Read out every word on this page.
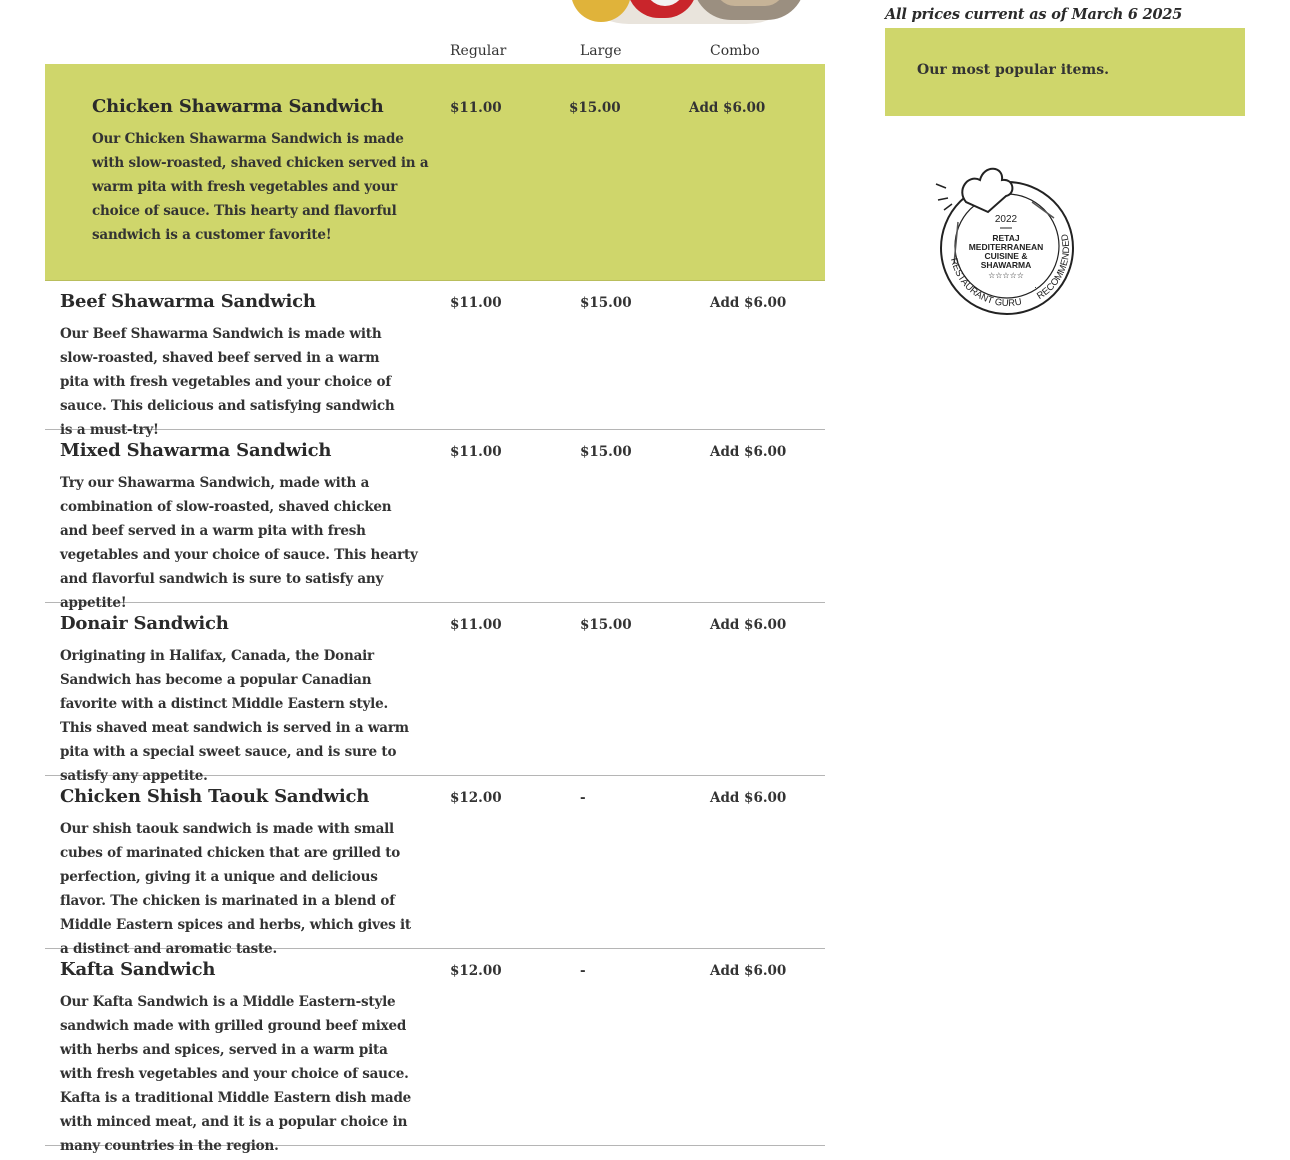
Regular	Large	Combo
Chicken Shawarma Sandwich
Our Chicken Shawarma Sandwich is made with slow-roasted, shaved chicken served in a warm pita with fresh vegetables and your choice of sauce. This hearty and flavorful sandwich is a customer favorite!
$11.00	$15.00	Add $6.00
Beef Shawarma Sandwich
Our Beef Shawarma Sandwich is made with slow-roasted, shaved beef served in a warm pita with fresh vegetables and your choice of sauce. This delicious and satisfying sandwich is a must-try!
$11.00	$15.00	Add $6.00
Mixed Shawarma Sandwich
Try our Shawarma Sandwich, made with a combination of slow-roasted, shaved chicken and beef served in a warm pita with fresh vegetables and your choice of sauce. This hearty and flavorful sandwich is sure to satisfy any appetite!
$11.00	$15.00	Add $6.00
Donair Sandwich
Originating in Halifax, Canada, the Donair Sandwich has become a popular Canadian favorite with a distinct Middle Eastern style. This shaved meat sandwich is served in a warm pita with a special sweet sauce, and is sure to satisfy any appetite.
$11.00	$15.00	Add $6.00
Chicken Shish Taouk Sandwich
Our shish taouk sandwich is made with small cubes of marinated chicken that are grilled to perfection, giving it a unique and delicious flavor. The chicken is marinated in a blend of Middle Eastern spices and herbs, which gives it a distinct and aromatic taste.
$12.00	-	Add $6.00
Kafta Sandwich
Our Kafta Sandwich is a Middle Eastern-style sandwich made with grilled ground beef mixed with herbs and spices, served in a warm pita with fresh vegetables and your choice of sauce. Kafta is a traditional Middle Eastern dish made with minced meat, and it is a popular choice in many countries in the region.
$12.00	-	Add $6.00
All prices current as of March 6 2025
Our most popular items.
2022
RETAJ
MEDITERRANEAN
CUISINE &
SHAWARMA
☆☆☆☆☆
RESTAURANT GURU
RECOMMENDED
·
